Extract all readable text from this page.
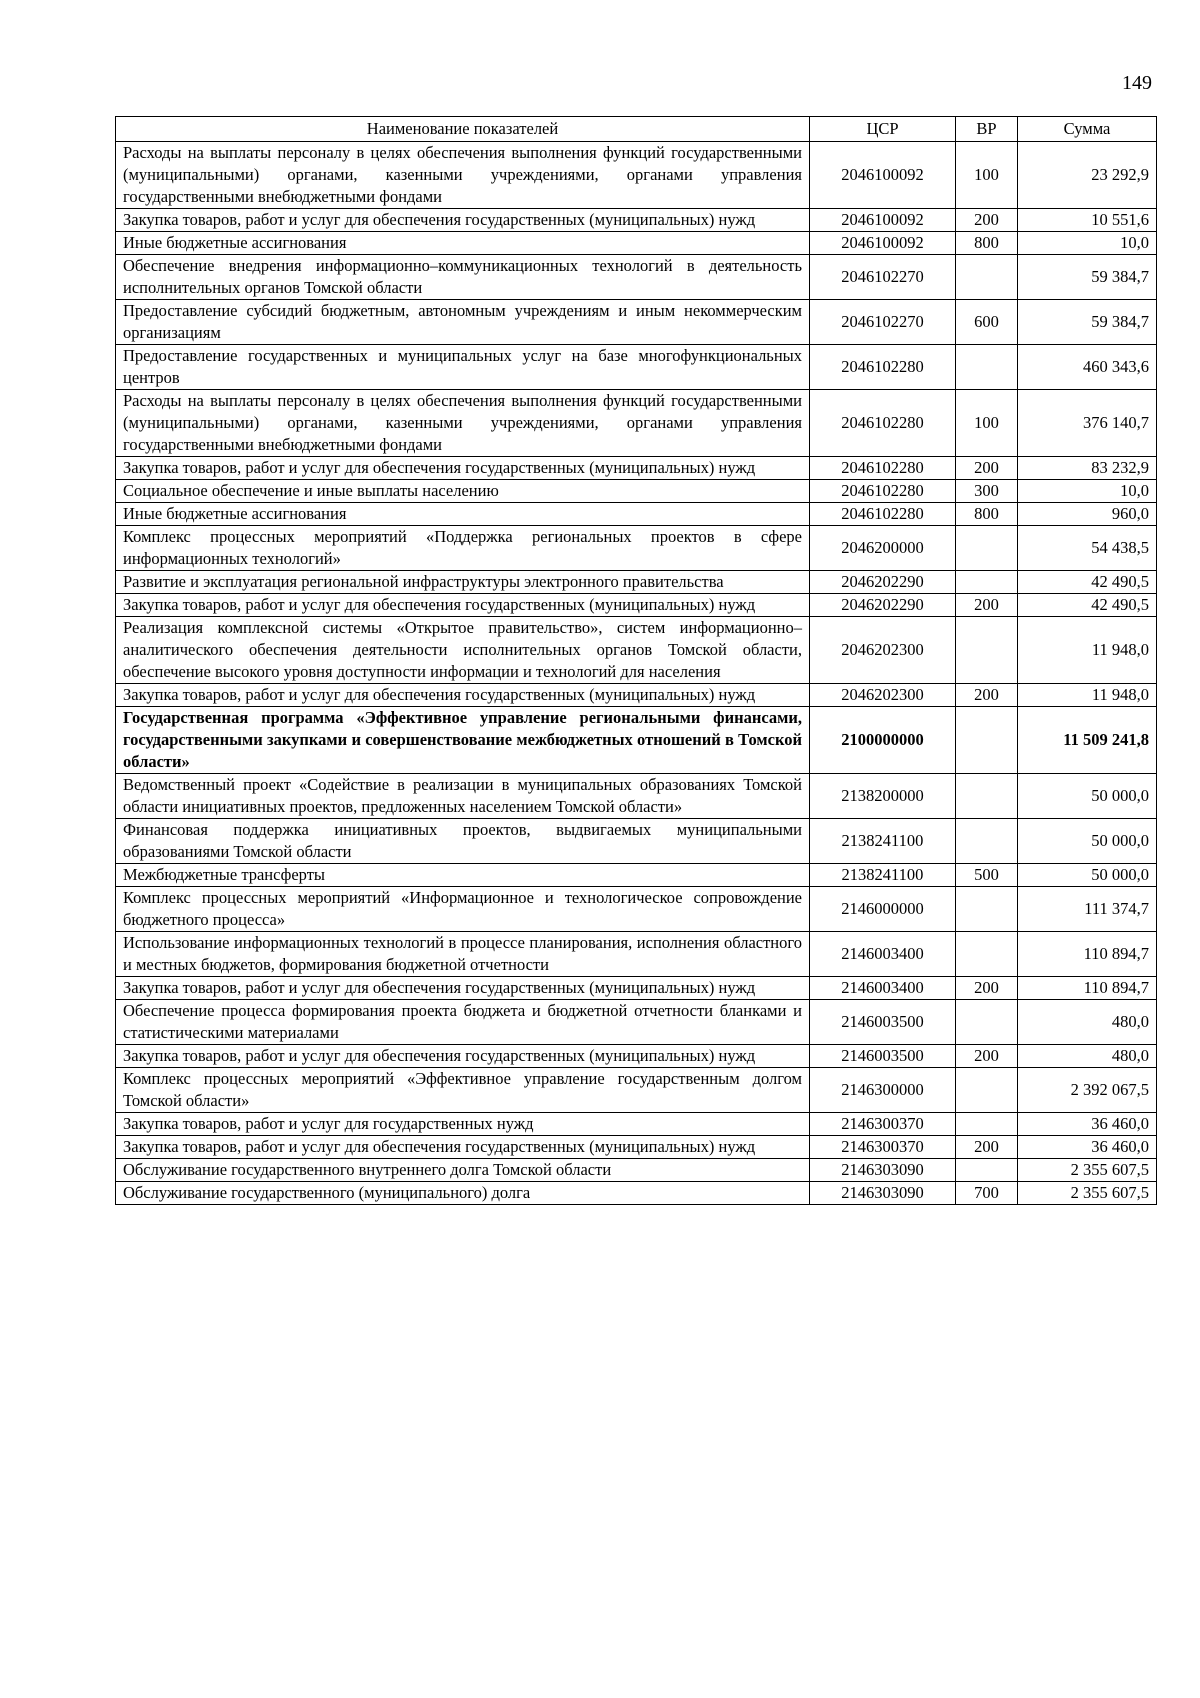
149
Наименование показателей	ЦСР	ВР	Сумма
Расходы на выплаты персоналу в целях обеспечения выполнения функций государственными (муниципальными) органами, казенными учреждениями, органами управления государственными внебюджетными фондами	2046100092	100	23 292,9
Закупка товаров, работ и услуг для обеспечения государственных (муниципальных) нужд	2046100092	200	10 551,6
Иные бюджетные ассигнования	2046100092	800	10,0
Обеспечение внедрения информационно–коммуникационных технологий в деятельность исполнительных органов Томской области	2046102270		59 384,7
Предоставление субсидий бюджетным, автономным учреждениям и иным некоммерческим организациям	2046102270	600	59 384,7
Предоставление государственных и муниципальных услуг на базе многофункциональных центров	2046102280		460 343,6
Расходы на выплаты персоналу в целях обеспечения выполнения функций государственными (муниципальными) органами, казенными учреждениями, органами управления государственными внебюджетными фондами	2046102280	100	376 140,7
Закупка товаров, работ и услуг для обеспечения государственных (муниципальных) нужд	2046102280	200	83 232,9
Социальное обеспечение и иные выплаты населению	2046102280	300	10,0
Иные бюджетные ассигнования	2046102280	800	960,0
Комплекс процессных мероприятий «Поддержка региональных проектов в сфере информационных технологий»	2046200000		54 438,5
Развитие и эксплуатация региональной инфраструктуры электронного правительства	2046202290		42 490,5
Закупка товаров, работ и услуг для обеспечения государственных (муниципальных) нужд	2046202290	200	42 490,5
Реализация комплексной системы «Открытое правительство», систем информационно–аналитического обеспечения деятельности исполнительных органов Томской области, обеспечение высокого уровня доступности информации и технологий для населения	2046202300		11 948,0
Закупка товаров, работ и услуг для обеспечения государственных (муниципальных) нужд	2046202300	200	11 948,0
Государственная программа «Эффективное управление региональными финансами, государственными закупками и совершенствование межбюджетных отношений в Томской области»	2100000000		11 509 241,8
Ведомственный проект «Содействие в реализации в муниципальных образованиях Томской области инициативных проектов, предложенных населением Томской области»	2138200000		50 000,0
Финансовая поддержка инициативных проектов, выдвигаемых муниципальными образованиями Томской области	2138241100		50 000,0
Межбюджетные трансферты	2138241100	500	50 000,0
Комплекс процессных мероприятий «Информационное и технологическое сопровождение бюджетного процесса»	2146000000		111 374,7
Использование информационных технологий в процессе планирования, исполнения областного и местных бюджетов, формирования бюджетной отчетности	2146003400		110 894,7
Закупка товаров, работ и услуг для обеспечения государственных (муниципальных) нужд	2146003400	200	110 894,7
Обеспечение процесса формирования проекта бюджета и бюджетной отчетности бланками и статистическими материалами	2146003500		480,0
Закупка товаров, работ и услуг для обеспечения государственных (муниципальных) нужд	2146003500	200	480,0
Комплекс процессных мероприятий «Эффективное управление государственным долгом Томской области»	2146300000		2 392 067,5
Закупка товаров, работ и услуг для государственных нужд	2146300370		36 460,0
Закупка товаров, работ и услуг для обеспечения государственных (муниципальных) нужд	2146300370	200	36 460,0
Обслуживание государственного внутреннего долга Томской области	2146303090		2 355 607,5
Обслуживание государственного (муниципального) долга	2146303090	700	2 355 607,5
